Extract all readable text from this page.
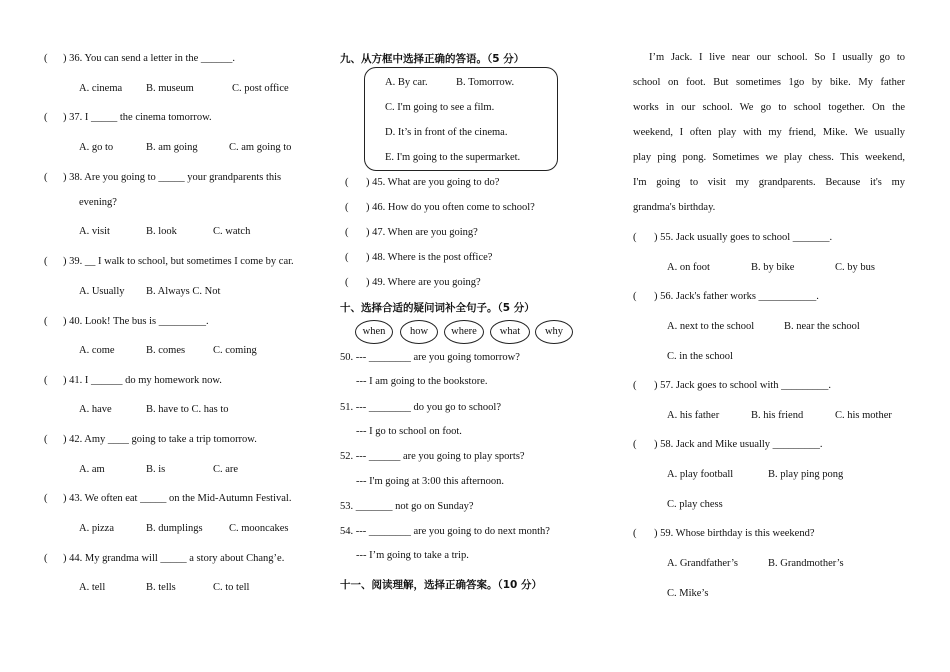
( ) 36. You can send a letter in the ______.
A. cinema B. museum	C. post office
( ) 37. I _____ the cinema tomorrow.
A. go to	B. am going	C. am going to
( ) 38. Are you going to _____ your grandparents this
evening?
A. visit	B. look	C. watch
( ) 39. __ I walk to school, but sometimes I come by car.
A. Usually B. Always C. Not
( ) 40. Look! The bus is _________.
A. come	B. comes	C. coming
( ) 41. I ______ do my homework now.
A. have	B. have to C. has to
( ) 42. Amy ____ going to take a trip tomorrow.
A. am	B. is	C. are
( ) 43. We often eat _____ on the Mid-Autumn Festival.
A. pizza	B. dumplings	C. mooncakes
( ) 44. My grandma will _____ a story about Chang’e.
A. tell	B. tells	C. to tell
九、从方框中选择正确的答语。（5 分）
A. By car.	B. Tomorrow.
C. I'm going to see a film.
D. It’s in front of the cinema.
E. I'm going to the supermarket.
( ) 45. What are you going to do?
( ) 46. How do you often come to school?
( ) 47. When are you going?
( ) 48. Where is the post office?
( ) 49. Where are you going?
十、选择合适的疑问词补全句子。（5 分）
when	how	where	what	why
50. --- ________ are you going tomorrow?
--- I am going to the bookstore.
51. --- ________ do you go to school?
--- I go to school on foot.
52. --- ______ are you going to play sports?
--- I'm going at 3:00 this afternoon.
53. _______ not go on Sunday?
54. --- ________ are you going to do next month?
--- I’m going to take a trip.
十一、阅读理解，选择正确答案。（10 分）
I’m Jack. I live near our school. So I usually go to
school on foot. But sometimes 1go by bike. My father
works in our school. We go to school together. On the
weekend, I often play with my friend, Mike. We usually
play ping pong. Sometimes we play chess. This weekend,
I'm going to visit my grandparents. Because it's my
grandma's birthday.
( ) 55. Jack usually goes to school _______.
A. on foot	B. by bike	C. by bus
( ) 56. Jack's father works ___________.
A. next to the school	B. near the school
C. in the school
( ) 57. Jack goes to school with _________.
A. his father	B. his friend	C. his mother
( ) 58. Jack and Mike usually _________.
A. play football	B. play ping pong
C. play chess
( ) 59. Whose birthday is this weekend?
A. Grandfather’s	B. Grandmother’s
C. Mike’s
